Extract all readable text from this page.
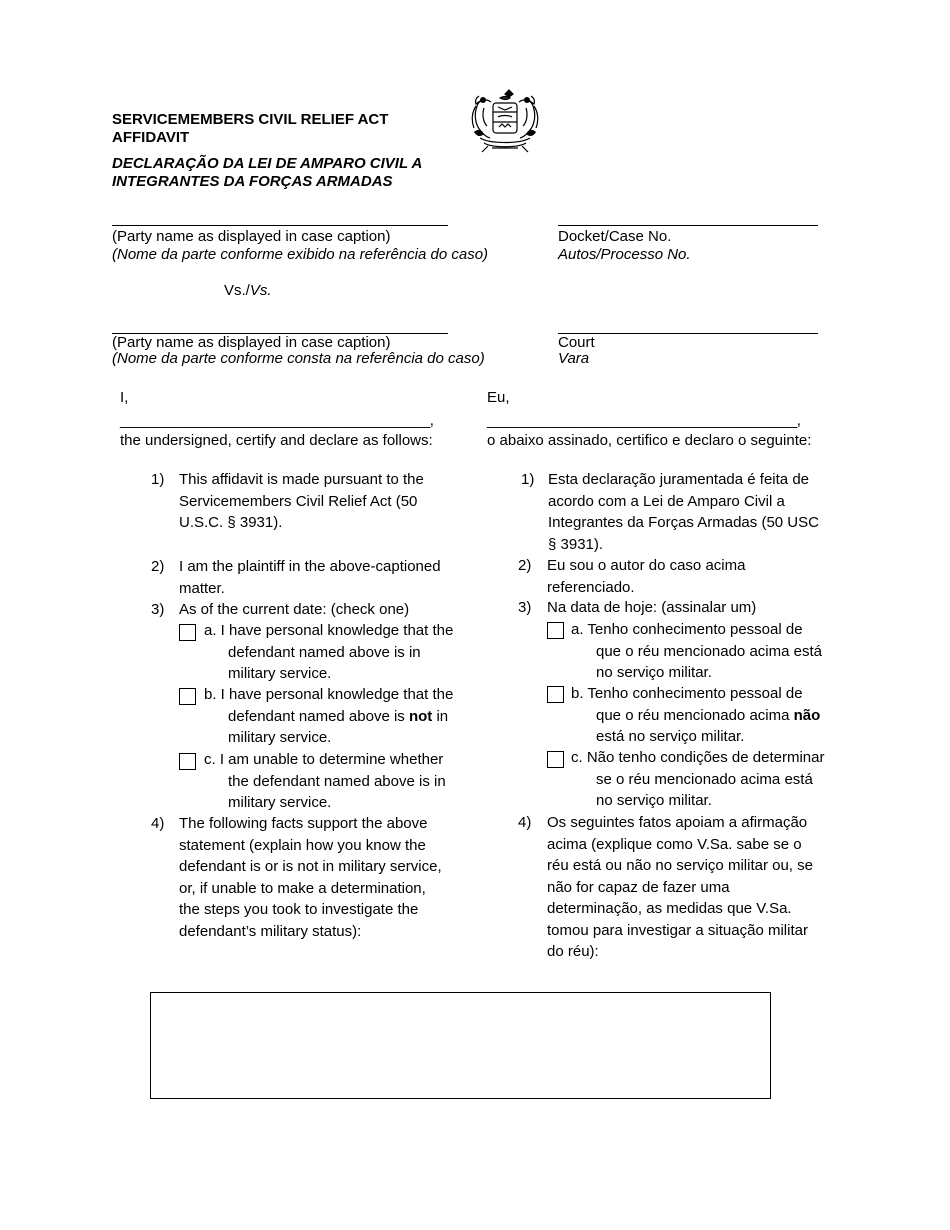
SERVICEMEMBERS CIVIL RELIEF ACT
AFFIDAVIT
DECLARAÇÃO DA LEI DE AMPARO CIVIL A
INTEGRANTES DA FORÇAS ARMADAS
(Party name as displayed in case caption)
(Nome da parte conforme exibido na referência do caso)
Docket/Case No.
Autos/Processo No.
Vs./Vs.
(Party name as displayed in case caption)
(Nome da parte conforme consta na referência do caso)
Court
Vara
I,
________________________________________,
the undersigned, certify and declare as follows:
1) This affidavit is made pursuant to the
Servicemembers Civil Relief Act (50
U.S.C. § 3931).
2) I am the plaintiff in the above-captioned
matter.
3) As of the current date: (check one)
a. I have personal knowledge that the
defendant named above is in
military service.
b. I have personal knowledge that the
defendant named above is not in
military service.
c. I am unable to determine whether
the defendant named above is in
military service.
4) The following facts support the above
statement (explain how you know the
defendant is or is not in military service,
or, if unable to make a determination,
the steps you took to investigate the
defendant’s military status):
Eu,
________________________________________,
o abaixo assinado, certifico e declaro o seguinte:
1) Esta declaração juramentada é feita de
acordo com a Lei de Amparo Civil a
Integrantes da Forças Armadas (50 USC
§ 3931).
2) Eu sou o autor do caso acima
referenciado.
3) Na data de hoje: (assinalar um)
a. Tenho conhecimento pessoal de
que o réu mencionado acima está
no serviço militar.
b. Tenho conhecimento pessoal de
que o réu mencionado acima não
está no serviço militar.
c. Não tenho condições de determinar
se o réu mencionado acima está
no serviço militar.
4) Os seguintes fatos apoiam a afirmação
acima (explique como V.Sa. sabe se o
réu está ou não no serviço militar ou, se
não for capaz de fazer uma
determinação, as medidas que V.Sa.
tomou para investigar a situação militar
do réu):
